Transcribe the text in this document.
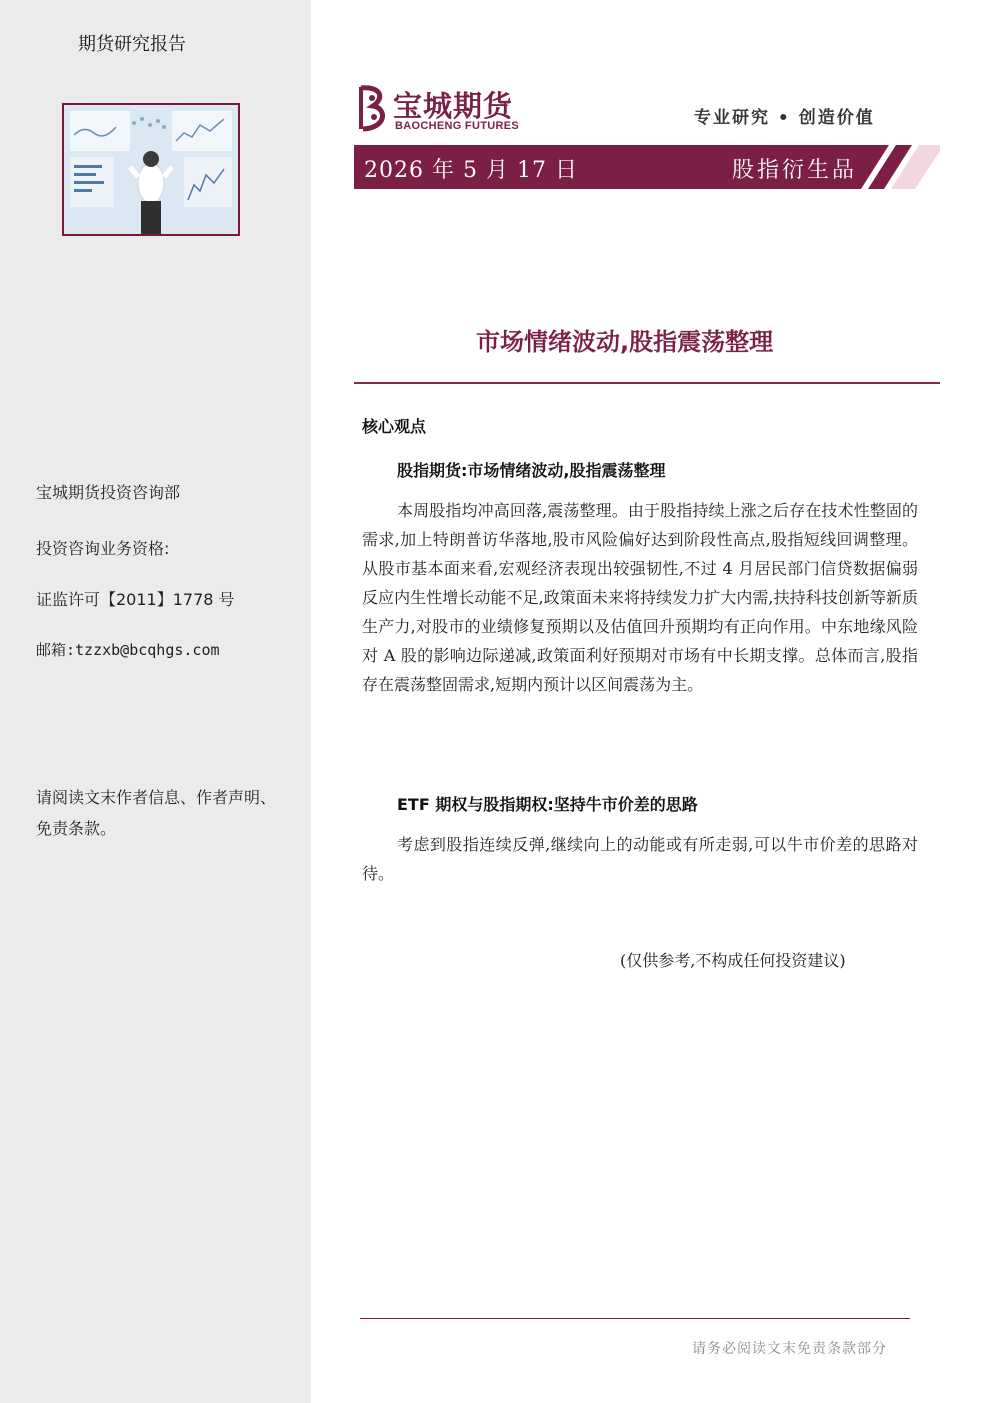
期货研究报告
宝城期货投资咨询部
投资咨询业务资格:
证监许可【2011】1778 号
邮箱:tzzxb@bcqhgs.com
请阅读文末作者信息、作者声明、免责条款。
宝城期货
BAOCHENG FUTURES	专业研究 • 创造价值
2026 年 5 月 17 日	股指衍生品
市场情绪波动,股指震荡整理
核心观点
股指期货:市场情绪波动,股指震荡整理
本周股指均冲高回落,震荡整理。由于股指持续上涨之后存在技术性整固的需求,加上特朗普访华落地,股市风险偏好达到阶段性高点,股指短线回调整理。从股市基本面来看,宏观经济表现出较强韧性,不过 4 月居民部门信贷数据偏弱反应内生性增长动能不足,政策面未来将持续发力扩大内需,扶持科技创新等新质生产力,对股市的业绩修复预期以及估值回升预期均有正向作用。中东地缘风险对 A 股的影响边际递减,政策面利好预期对市场有中长期支撑。总体而言,股指存在震荡整固需求,短期内预计以区间震荡为主。
ETF 期权与股指期权:坚持牛市价差的思路
考虑到股指连续反弹,继续向上的动能或有所走弱,可以牛市价差的思路对待。
(仅供参考,不构成任何投资建议)
请务必阅读文末免责条款部分
